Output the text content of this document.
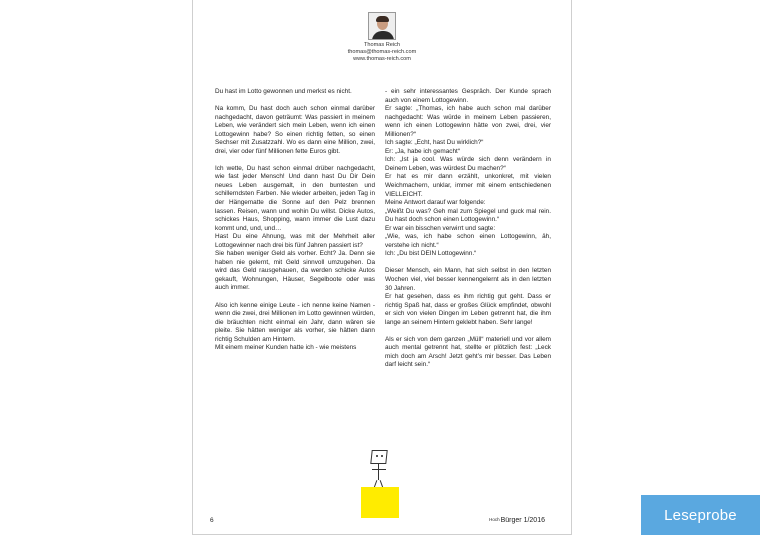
Thomas Reich
thomas@thomas-reich.com
www.thomas-reich.com

Du hast im Lotto gewonnen und merkst es nicht.

Na komm, Du hast doch auch schon einmal darüber nachgedacht, davon geträumt: Was passiert in meinem Leben, wie verändert sich mein Leben, wenn ich einen Lottogewinn habe? So einen richtig fetten, so einen Sechser mit Zusatzzahl. Wo es dann eine Million, zwei, drei, vier oder fünf Millionen fette Euros gibt.

Ich wette, Du hast schon einmal drüber nachgedacht, wie fast jeder Mensch! Und dann hast Du Dir Dein neues Leben ausgemalt, in den buntesten und schillerndsten Farben. Nie wieder arbeiten, jeden Tag in der Hängematte die Sonne auf den Pelz brennen lassen. Reisen, wann und wohin Du willst. Dicke Autos, schickes Haus, Shopping, wann immer die Lust dazu kommt und, und, und…

Hast Du eine Ahnung, was mit der Mehrheit aller Lottogewinner nach drei bis fünf Jahren passiert ist?

Sie haben weniger Geld als vorher. Echt? Ja. Denn sie haben nie gelernt, mit Geld sinnvoll umzugehen. Da wird das Geld rausgehauen, da werden schicke Autos gekauft, Wohnungen, Häuser, Segelboote oder was auch immer.

Also ich kenne einige Leute - ich nenne keine Namen - wenn die zwei, drei Millionen im Lotto gewinnen würden, die bräuchten nicht einmal ein Jahr, dann wären sie pleite. Sie hätten weniger als vorher, sie hätten dann richtig Schulden am Hintern.

Mit einem meiner Kunden hatte ich - wie meistens

- ein sehr interessantes Gespräch. Der Kunde sprach auch von einem Lottogewinn.

Er sagte: „Thomas, ich habe auch schon mal darüber nachgedacht: Was würde in meinem Leben passieren, wenn ich einen Lottogewinn hätte von zwei, drei, vier Millionen?“

Ich sagte: „Echt, hast Du wirklich?“

Er: „Ja, habe ich gemacht“

Ich: „Ist ja cool. Was würde sich denn verändern in Deinem Leben, was würdest Du machen?“

Er hat es mir dann erzählt, unkonkret, mit vielen Weichmachern, unklar, immer mit einem entschiedenen VIELLEICHT.

Meine Antwort darauf war folgende:

„Weißt Du was? Geh mal zum Spiegel und guck mal rein. Du hast doch schon einen Lottogewinn.“

Er war ein bisschen verwirrt und sagte:

„Wie, was, ich habe schon einen Lottogewinn, äh, verstehe ich nicht.“

Ich: „Du bist DEIN Lottogewinn.“

Dieser Mensch, ein Mann, hat sich selbst in den letzten Wochen viel, viel besser kennengelernt als in den letzten 30 Jahren.

Er hat gesehen, dass es ihm richtig gut geht. Dass er richtig Spaß hat, dass er großes Glück empfindet, obwohl er sich von vielen Dingen im Leben getrennt hat, die ihm lange an seinem Hintern geklebt haben. Sehr lange!

Als er sich von dem ganzen „Müll“ materiell und vor allem auch mental getrennt hat, stellte er plötzlich fest: „Leck mich doch am Arsch! Jetzt geht’s mir besser. Das Leben darf leicht sein.“

6	HochBürger 1/2016	Leseprobe
